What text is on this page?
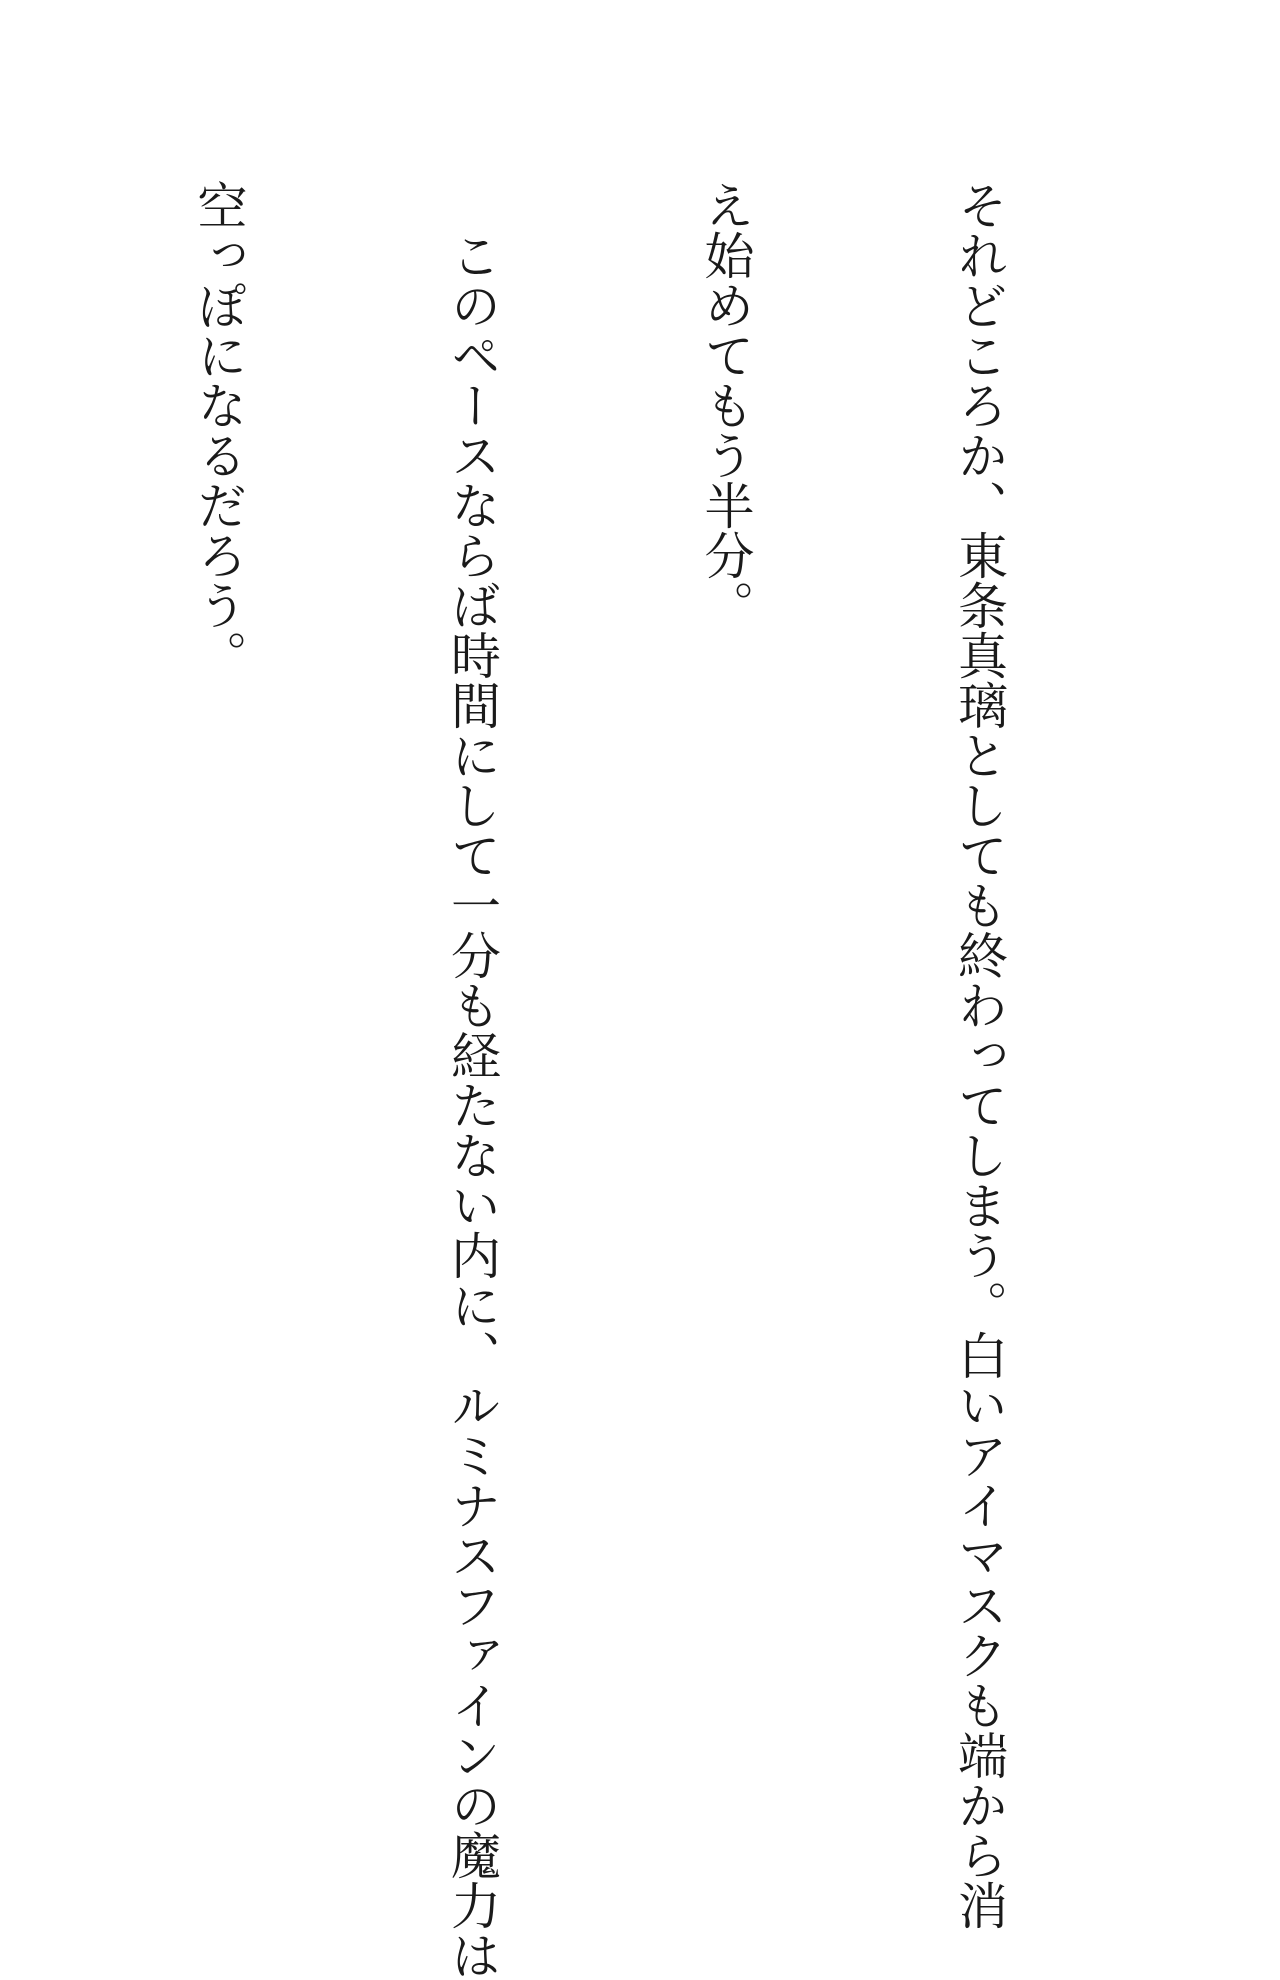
それどころか、東条真璃としても終わってしまう。白いアイマスクも端から消

え始めてもう半分。

　このペースならば時間にして一分も経たない内に、ルミナスファインの魔力は

空っぽになるだろう。
